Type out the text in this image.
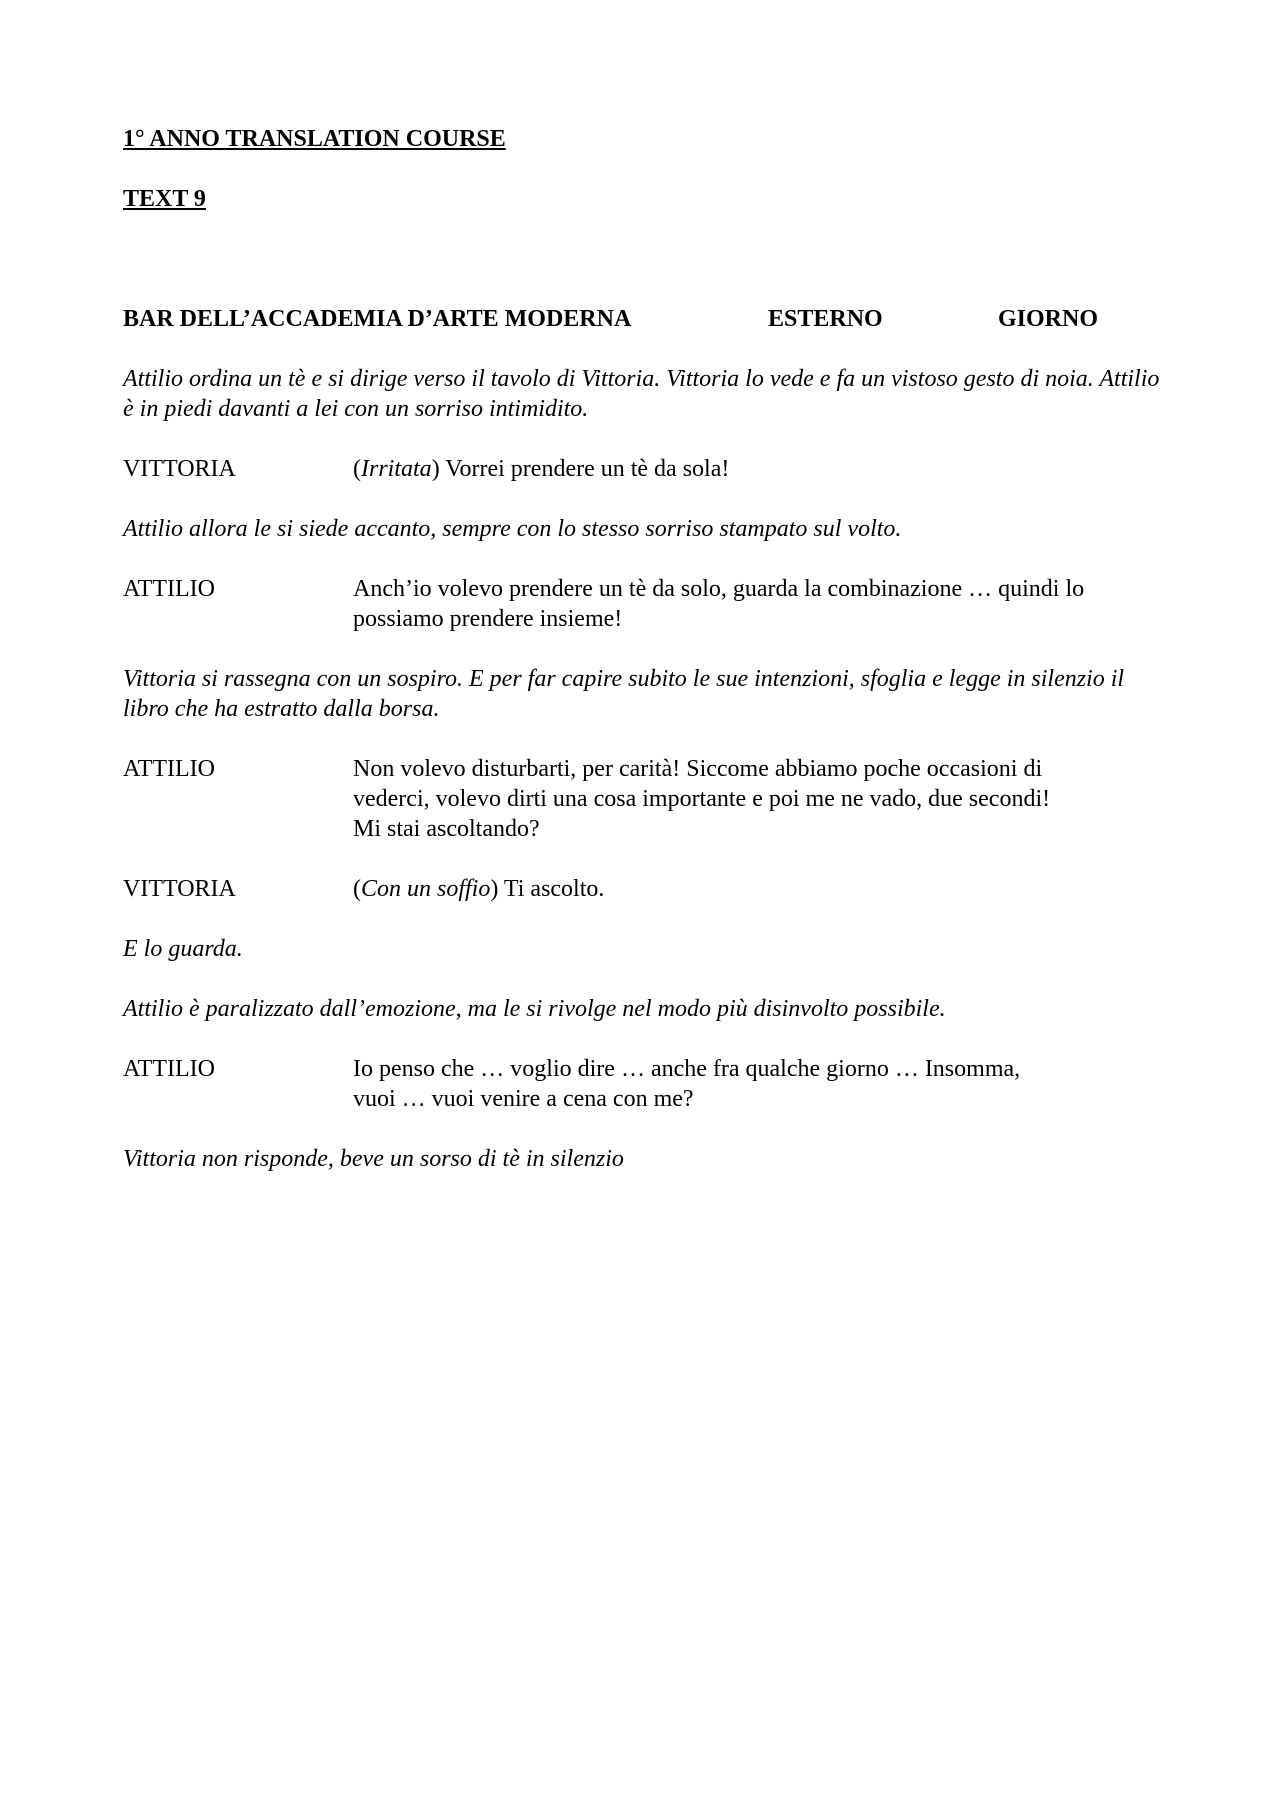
1° ANNO TRANSLATION COURSE

TEXT 9

BAR DELL’ACCADEMIA D’ARTE MODERNA	ESTERNO	GIORNO
Attilio ordina un tè e si dirige verso il tavolo di Vittoria. Vittoria lo vede e fa un vistoso gesto di noia. Attilio è in piedi davanti a lei con un sorriso intimidito.
VITTORIA	(Irritata) Vorrei prendere un tè da sola!
Attilio allora le si siede accanto, sempre con lo stesso sorriso stampato sul volto.
ATTILIO	Anch’io volevo prendere un tè da solo, guarda la combinazione … quindi lo
possiamo prendere insieme!
Vittoria si rassegna con un sospiro. E per far capire subito le sue intenzioni, sfoglia e legge in silenzio il libro che ha estratto dalla borsa.
ATTILIO	Non volevo disturbarti, per carità! Siccome abbiamo poche occasioni di
vederci, volevo dirti una cosa importante e poi me ne vado, due secondi!
Mi stai ascoltando?
VITTORIA	(Con un soffio) Ti ascolto.
E lo guarda.
Attilio è paralizzato dall’emozione, ma le si rivolge nel modo più disinvolto possibile.
ATTILIO	Io penso che … voglio dire … anche fra qualche giorno … Insomma,
vuoi … vuoi venire a cena con me?
Vittoria non risponde, beve un sorso di tè in silenzio
